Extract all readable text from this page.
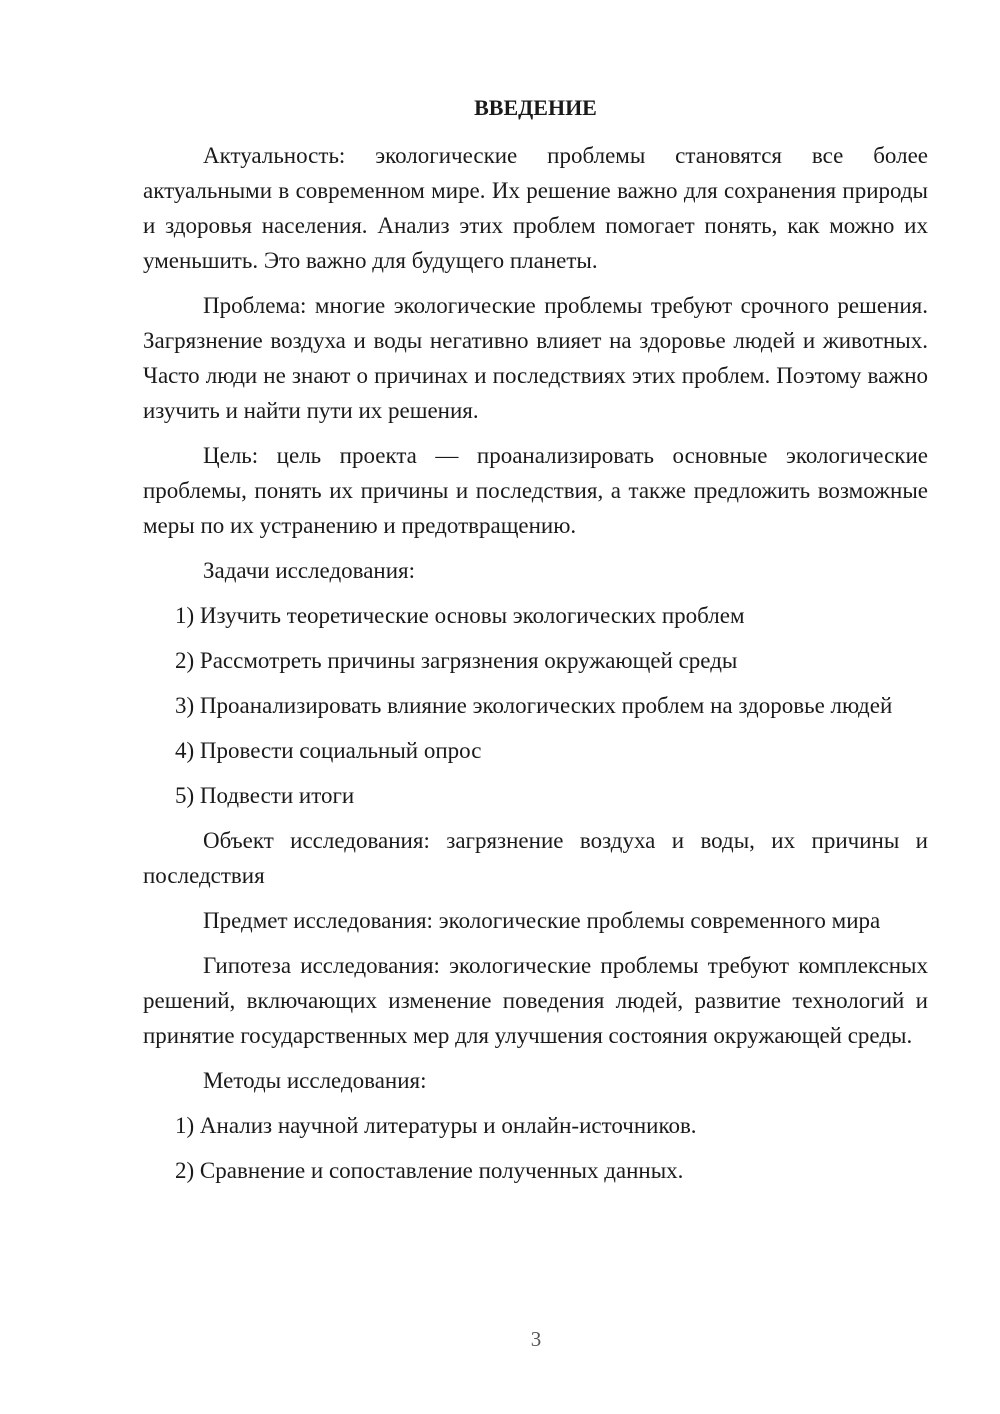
ВВЕДЕНИЕ

Актуальность: экологические проблемы становятся все более актуальными в современном мире. Их решение важно для сохранения природы и здоровья населения. Анализ этих проблем помогает понять, как можно их уменьшить. Это важно для будущего планеты.

Проблема: многие экологические проблемы требуют срочного решения. Загрязнение воздуха и воды негативно влияет на здоровье людей и животных. Часто люди не знают о причинах и последствиях этих проблем. Поэтому важно изучить и найти пути их решения.

Цель: цель проекта — проанализировать основные экологические проблемы, понять их причины и последствия, а также предложить возможные меры по их устранению и предотвращению.

Задачи исследования:

1) Изучить теоретические основы экологических проблем

2) Рассмотреть причины загрязнения окружающей среды

3) Проанализировать влияние экологических проблем на здоровье людей

4) Провести социальный опрос

5) Подвести итоги

Объект исследования: загрязнение воздуха и воды, их причины и последствия

Предмет исследования: экологические проблемы современного мира

Гипотеза исследования: экологические проблемы требуют комплексных решений, включающих изменение поведения людей, развитие технологий и принятие государственных мер для улучшения состояния окружающей среды.

Методы исследования:

1) Анализ научной литературы и онлайн-источников.

2) Сравнение и сопоставление полученных данных.

3
